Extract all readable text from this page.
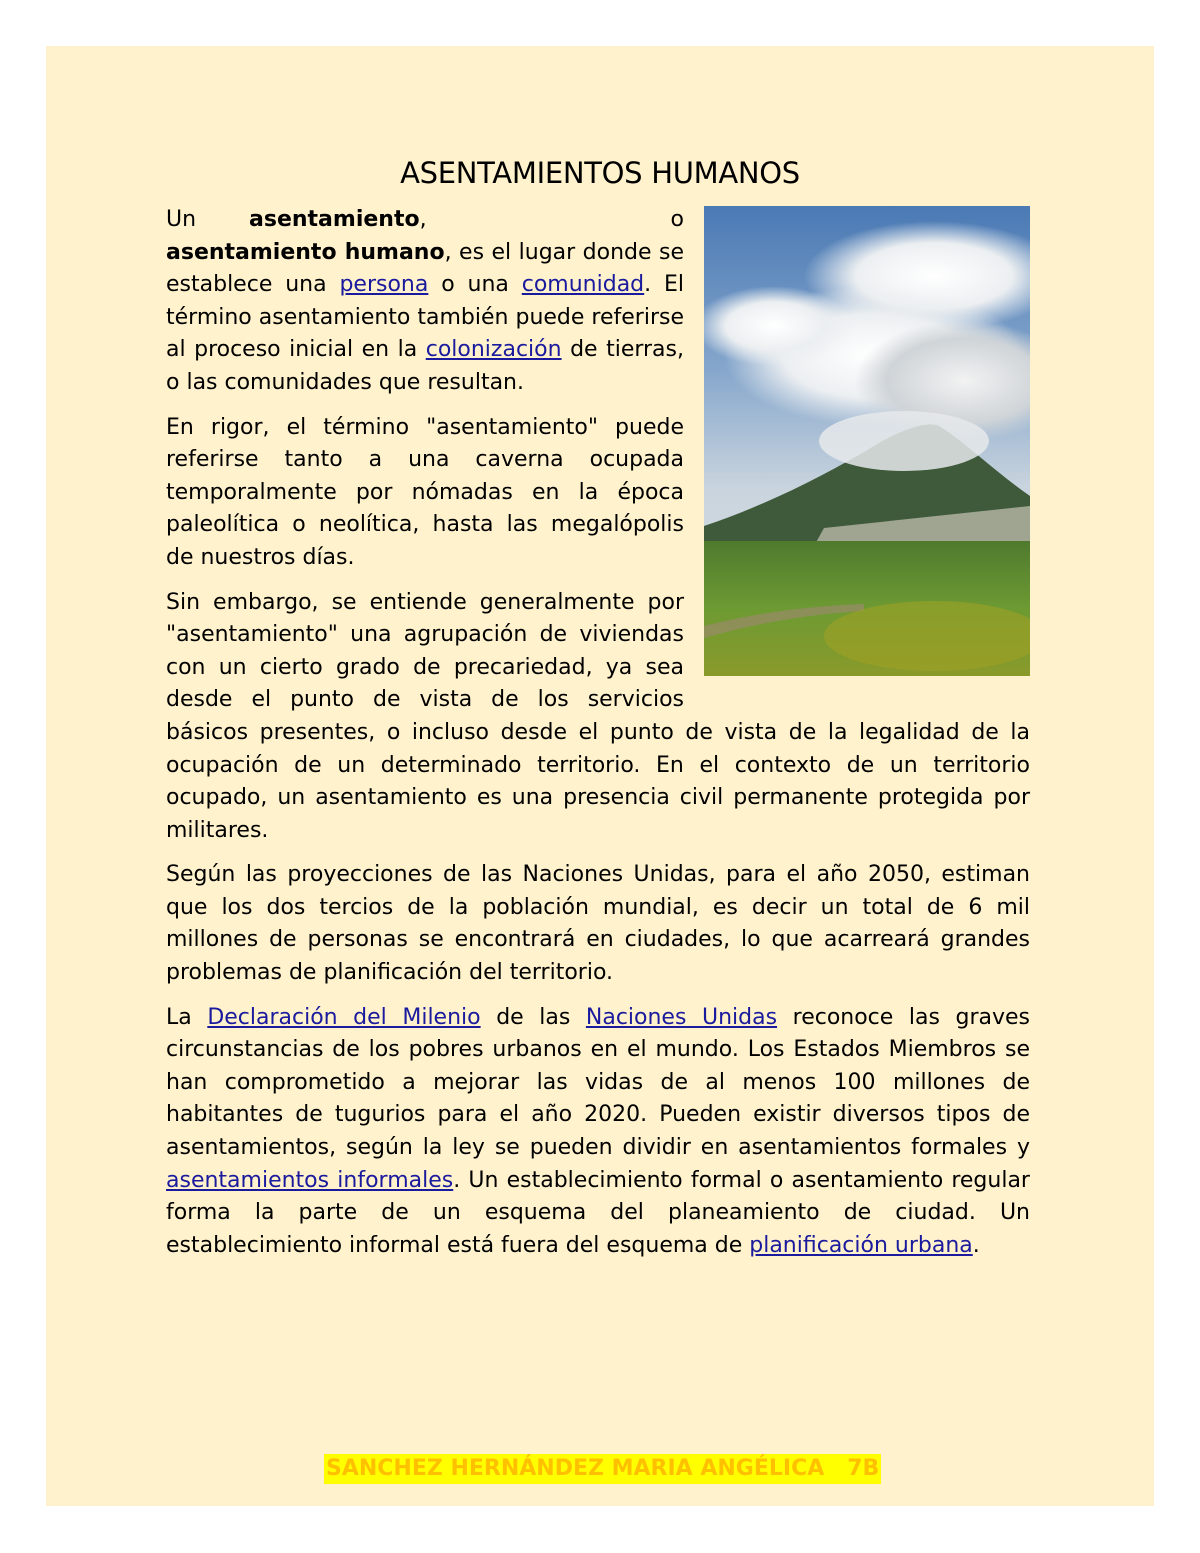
ASENTAMIENTOS HUMANOS

Un asentamiento,	o asentamiento humano, es el lugar donde se establece una persona o una comunidad. El término asentamiento también puede referirse al proceso inicial en la colonización de tierras, o las comunidades que resultan.

En rigor, el término "asentamiento" puede referirse tanto a una caverna ocupada temporalmente por nómadas en la época paleolítica o neolítica, hasta las megalópolis de nuestros días.

Sin embargo, se entiende generalmente por "asentamiento" una agrupación de viviendas con un cierto grado de precariedad, ya sea desde el punto de vista de los servicios básicos presentes, o incluso desde el punto de vista de la legalidad de la ocupación de un determinado territorio. En el contexto de un territorio ocupado, un asentamiento es una presencia civil permanente protegida por militares.

Según las proyecciones de las Naciones Unidas, para el año 2050, estiman que los dos tercios de la población mundial, es decir un total de 6 mil millones de personas se encontrará en ciudades, lo que acarreará grandes problemas de planificación del territorio.

La Declaración del Milenio de las Naciones Unidas reconoce las graves circunstancias de los pobres urbanos en el mundo. Los Estados Miembros se han comprometido a mejorar las vidas de al menos 100 millones de habitantes de tugurios para el año 2020. Pueden existir diversos tipos de asentamientos, según la ley se pueden dividir en asentamientos formales y asentamientos informales. Un establecimiento formal o asentamiento regular forma la parte de un esquema del planeamiento de ciudad. Un establecimiento informal está fuera del esquema de planificación urbana.

SANCHEZ HERNÁNDEZ MARIA ANGÉLICA   7B
